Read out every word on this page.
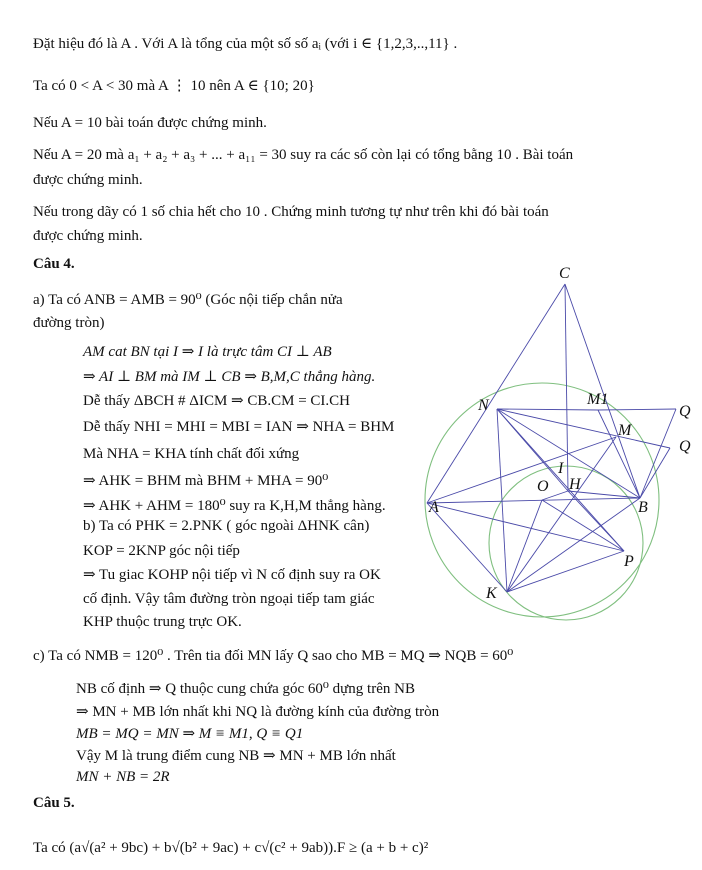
Đặt hiệu đó là A . Với A là tổng của một số số aᵢ (với i ∈ {1,2,3,..,11} .
Ta có 0 < A < 30 mà A ⋮ 10 nên A ∈ {10; 20}
Nếu A = 10 bài toán được chứng minh.
Nếu A = 20 mà a₁ + a₂ + a₃ + ... + a₁₁ = 30 suy ra các số còn lại có tổng bằng 10 . Bài toán
được chứng minh.
Nếu trong dãy có 1 số chia hết cho 10 . Chứng minh tương tự như trên khi đó bài toán
được chứng minh.
Câu 4.
a) Ta có ANB = AMB = 90⁰ (Góc nội tiếp chắn nửa
đường tròn)
AM cat BN tại I ⇒ I là trực tâm CI ⊥ AB
⇒ AI ⊥ BM mà IM ⊥ CB ⇒ B,M,C thẳng hàng.
Dễ thấy ΔBCH # ΔICM ⇒ CB.CM = CI.CH
Dễ thấy NHI = MHI = MBI = IAN ⇒ NHA = BHM
Mà NHA = KHA tính chất đối xứng
⇒ AHK = BHM mà BHM + MHA = 90⁰
⇒ AHK + AHM = 180⁰ suy ra K,H,M thẳng hàng.
b) Ta có PHK = 2.PNK ( góc ngoài ΔHNK cân)
KOP = 2KNP góc nội tiếp
⇒ Tu giac KOHP nội tiếp vì N cố định suy ra OK
cố định. Vậy tâm đường tròn ngoại tiếp tam giác
KHP thuộc trung trực OK.
c) Ta có NMB = 120⁰ . Trên tia đối MN lấy Q sao cho MB = MQ ⇒ NQB = 60⁰
NB cố định ⇒ Q thuộc cung chứa góc 60⁰ dựng trên NB
⇒ MN + MB lớn nhất khi NQ là đường kính của đường tròn
MB = MQ = MN ⇒ M ≡ M1, Q ≡ Q1
Vậy M là trung điểm cung NB ⇒ MN + MB lớn nhất
MN + NB = 2R
Câu 5.
Ta có (a√(a² + 9bc) + b√(b² + 9ac) + c√(c² + 9ab)).F ≥ (a + b + c)²
C
N	M1
Q
M
Q
I
O H
A	B
P
K
